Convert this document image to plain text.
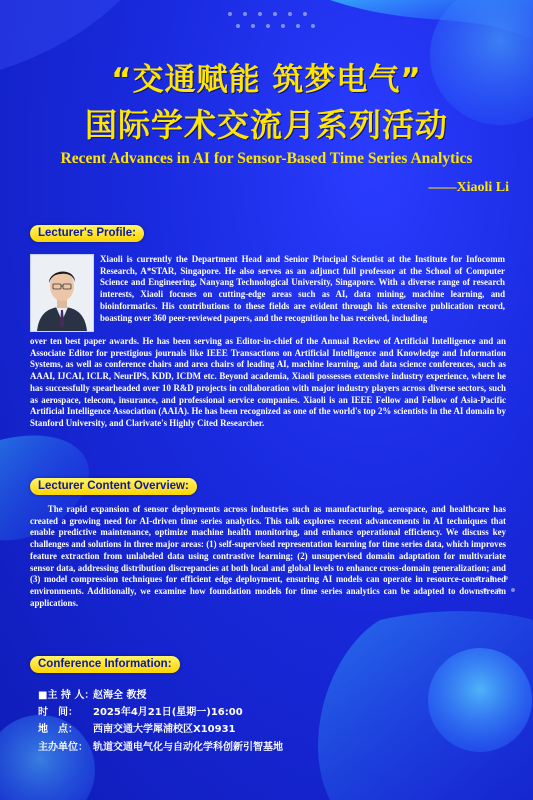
“交通赋能 筑梦电气”
国际学术交流月系列活动
Recent Advances in AI for Sensor-Based Time Series Analytics
——Xiaoli Li
Lecturer's Profile:
Xiaoli is currently the Department Head and Senior Principal Scientist at the Institute for Infocomm Research, A*STAR, Singapore. He also serves as an adjunct full professor at the School of Computer Science and Engineering, Nanyang Technological University, Singapore. With a diverse range of research interests, Xiaoli focuses on cutting-edge areas such as AI, data mining, machine learning, and bioinformatics. His contributions to these fields are evident through his extensive publication record, boasting over 360 peer-reviewed papers, and the recognition he has received, including
over ten best paper awards. He has been serving as Editor-in-chief of the Annual Review of Artificial Intelligence and an Associate Editor for prestigious journals like IEEE Transactions on Artificial Intelligence and Knowledge and Information Systems, as well as conference chairs and area chairs of leading AI, machine learning, and data science conferences, such as AAAI, IJCAI, ICLR, NeurIPS, KDD, ICDM etc. Beyond academia, Xiaoli possesses extensive industry experience, where he has successfully spearheaded over 10 R&D projects in collaboration with major industry players across diverse sectors, such as aerospace, telecom, insurance, and professional service companies. Xiaoli is an IEEE Fellow and Fellow of Asia-Pacific Artificial Intelligence Association (AAIA). He has been recognized as one of the world's top 2% scientists in the AI domain by Stanford University, and Clarivate's Highly Cited Researcher.
Lecturer Content Overview:
The rapid expansion of sensor deployments across industries such as manufacturing, aerospace, and healthcare has created a growing need for AI-driven time series analytics. This talk explores recent advancements in AI techniques that enable predictive maintenance, optimize machine health monitoring, and enhance operational efficiency. We discuss key challenges and solutions in three major areas: (1) self-supervised representation learning for time series data, which improves feature extraction from unlabeled data using contrastive learning; (2) unsupervised domain adaptation for multivariate sensor data, addressing distribution discrepancies at both local and global levels to enhance cross-domain generalization; and (3) model compression techniques for efficient edge deployment, ensuring AI models can operate in resource-constrained environments. Additionally, we examine how foundation models for time series analytics can be adapted to downstream applications.
Conference Information:
■主 持 人：赵海全 教授
时　间： 2025年4月21日(星期一)16:00
地　点： 西南交通大学犀浦校区X10931
主办单位： 轨道交通电气化与自动化学科创新引智基地
